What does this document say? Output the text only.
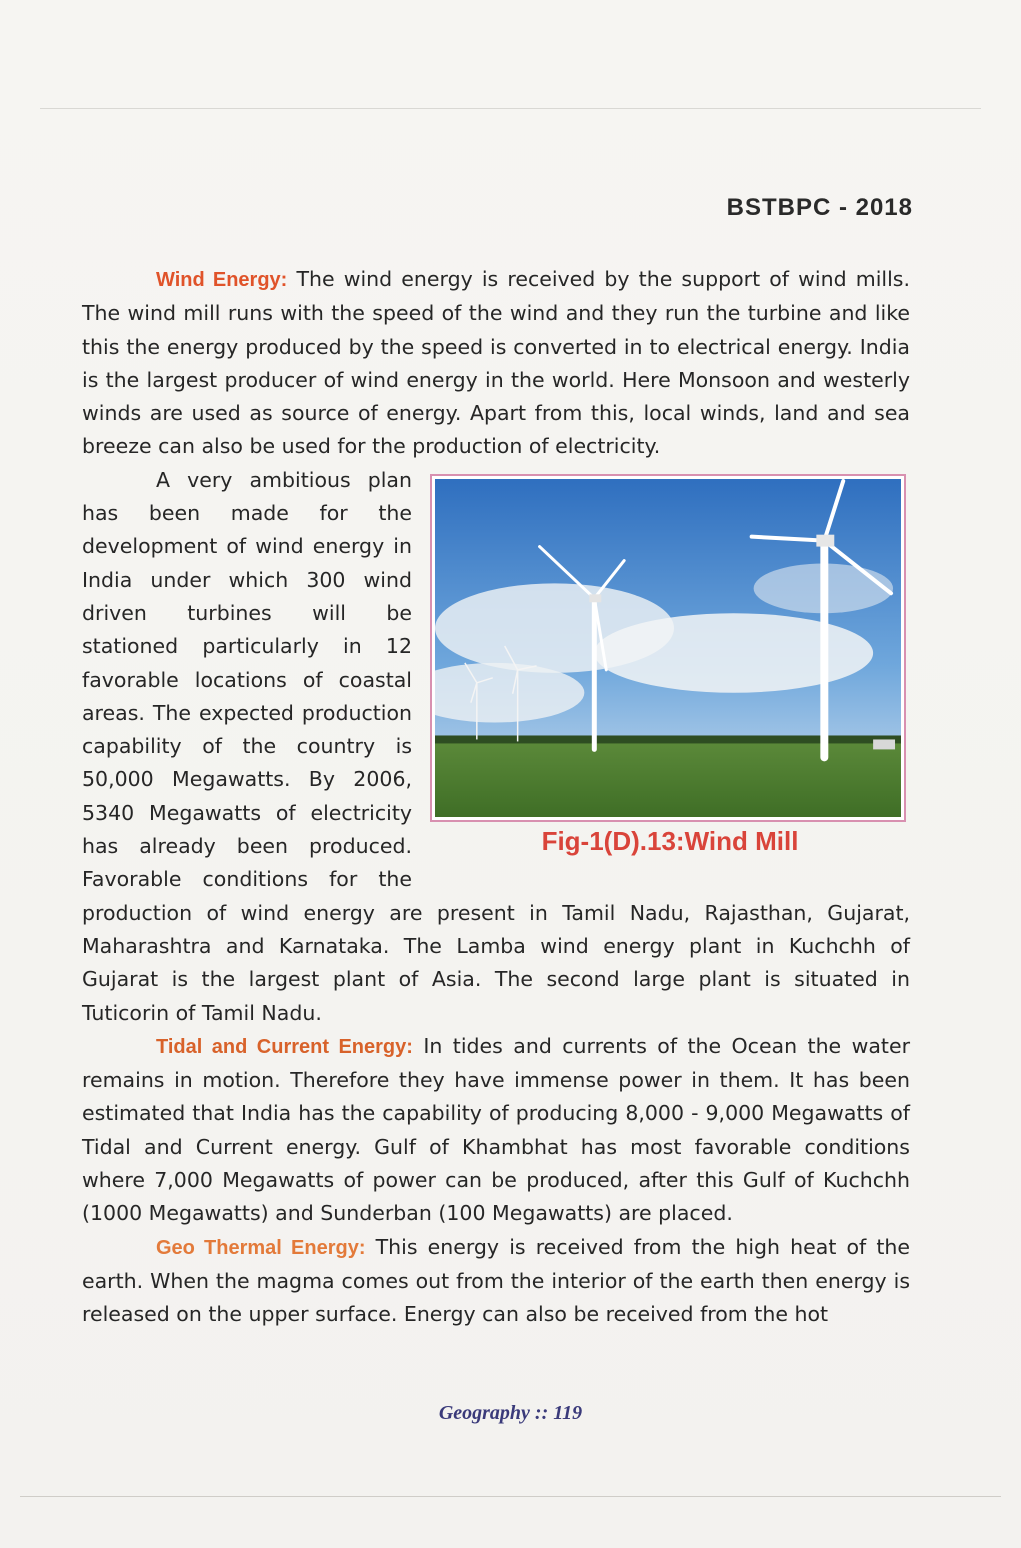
BSTBPC - 2018

Wind Energy: The wind energy is received by the support of wind mills. The wind mill runs with the speed of the wind and they run the turbine and like this the energy produced by the speed is converted in to electrical energy. India is the largest producer of wind energy in the world. Here Monsoon and westerly winds are used as source of energy. Apart from this, local winds, land and sea breeze can also be used for the production of electricity.
Fig-1(D).13:Wind Mill

A very ambitious plan has been made for the development of wind energy in India under which 300 wind driven turbines will be stationed particularly in 12 favorable locations of coastal areas. The expected production capability of the country is 50,000 Megawatts. By 2006, 5340 Megawatts of electricity has already been produced. Favorable conditions for the production of wind energy are present in Tamil Nadu, Rajasthan, Gujarat, Maharashtra and Karnataka. The Lamba wind energy plant in Kuchchh of Gujarat is the largest plant of Asia. The second large plant is situated in Tuticorin of Tamil Nadu.

Tidal and Current Energy: In tides and currents of the Ocean the water remains in motion. Therefore they have immense power in them. It has been estimated that India has the capability of producing 8,000 - 9,000 Megawatts of Tidal and Current energy. Gulf of Khambhat has most favorable conditions where 7,000 Megawatts of power can be produced, after this Gulf of Kuchchh (1000 Megawatts) and Sunderban (100 Megawatts) are placed.

Geo Thermal Energy: This energy is received from the high heat of the earth. When the magma comes out from the interior of the earth then energy is released on the upper surface. Energy can also be received from the hot

Geography :: 119
